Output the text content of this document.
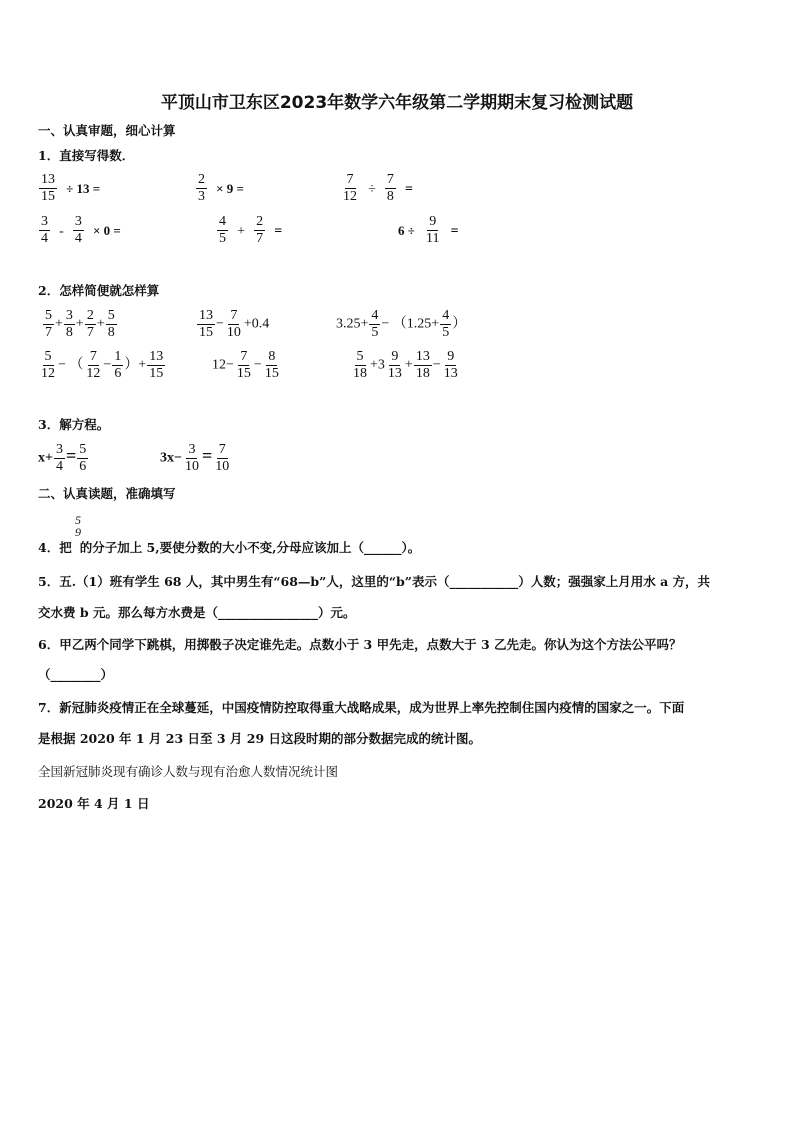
平顶山市卫东区2023年数学六年级第二学期期末复习检测试题
一、认真审题，细心计算
1．直接写得数．
$\frac{13}{15} \div 13$ =	$\frac{2}{3} \times 9$ =	$\frac{7}{12} \div \frac{7}{8}$ =
$\frac{3}{4} - \frac{3}{4} \times 0$ =	$\frac{4}{5} + \frac{2}{7}$ =	$6 \div \frac{9}{11}$ =
2．怎样简便就怎样算
$\frac{5}{7} + \frac{3}{8} + \frac{2}{7} + \frac{5}{8}$	$\frac{13}{15} - \frac{7}{10} +0.4$	$3.25+ \frac{4}{5} - (1.25+ \frac{4}{5}$ ）
$\frac{5}{12}$ − （ $\frac{7}{12} - \frac{1}{6}$ ）+ $\frac{13}{15}$	$12- \frac{7}{15} - \frac{8}{15}$	$\frac{5}{18} +3 \frac{9}{13} + \frac{13}{18} - \frac{9}{13}$
3．解方程。
$x+ \frac{3}{4} = \frac{5}{6}$	$3x- \frac{3}{10} = \frac{7}{10}$
二、认真读题，准确填写
5
9
4．把 的分子加上 5,要使分数的大小不变,分母应该加上（______）。
5．五.（1）班有学生 68 人，其中男生有“68—b”人，这里的“b”表示（___________）人数；强强家上月用水 a 方，共
交水费 b 元。那么每方水费是（________________）元。
6．甲乙两个同学下跳棋，用掷骰子决定谁先走。点数小于 3 甲先走，点数大于 3 乙先走。你认为这个方法公平吗？
（________）
7．新冠肺炎疫情正在全球蔓延，中国疫情防控取得重大战略成果，成为世界上率先控制住国内疫情的国家之一。下面
是根据 2020 年 1 月 23 日至 3 月 29 日这段时期的部分数据完成的统计图。
全国新冠肺炎现有确诊人数与现有治愈人数情况统计图
2020 年 4 月 1 日
